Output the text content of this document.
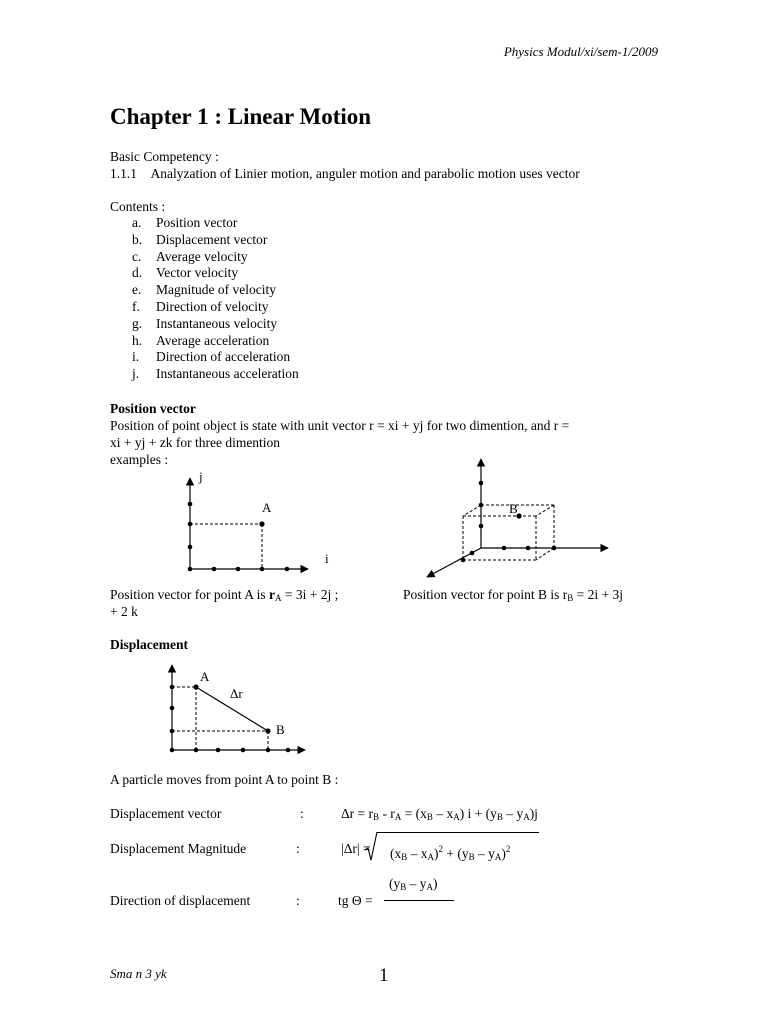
Physics Modul/xi/sem-1/2009
Chapter 1 : Linear Motion
Basic Competency :
1.1.1 Analyzation of Linier motion, anguler motion and parabolic motion uses vector
Contents :
a.	Position vector
b.	Displacement vector
c.	Average velocity
d.	Vector velocity
e.	Magnitude of velocity
f.	Direction of velocity
g.	Instantaneous velocity
h.	Average acceleration
i.	Direction of acceleration
j.	Instantaneous acceleration
Position vector
Position of point object is state with unit vector r = xi + yj for two dimention, and r =
xi + yj + zk for three dimention
examples :
j
i
A	B
Position vector for point A is $r_A = 3i + 2j$ ;	Position vector for point B is $r_B = 2i + 3j$
+ 2 k
Displacement
A
B
Δr
A particle moves from point A to point B :
Displacement vector	:	$\Delta r = r_B - r_A = (x_B - x_A) i + (y_B - y_A)j$
Displacement Magnitude	:	$|\Delta r| = (x_B - x_A)^2 + (y_B - y_A)^2$
$(y_B - y_A)$
Direction of displacement	:	tg Θ =
Sma n 3 yk	1
